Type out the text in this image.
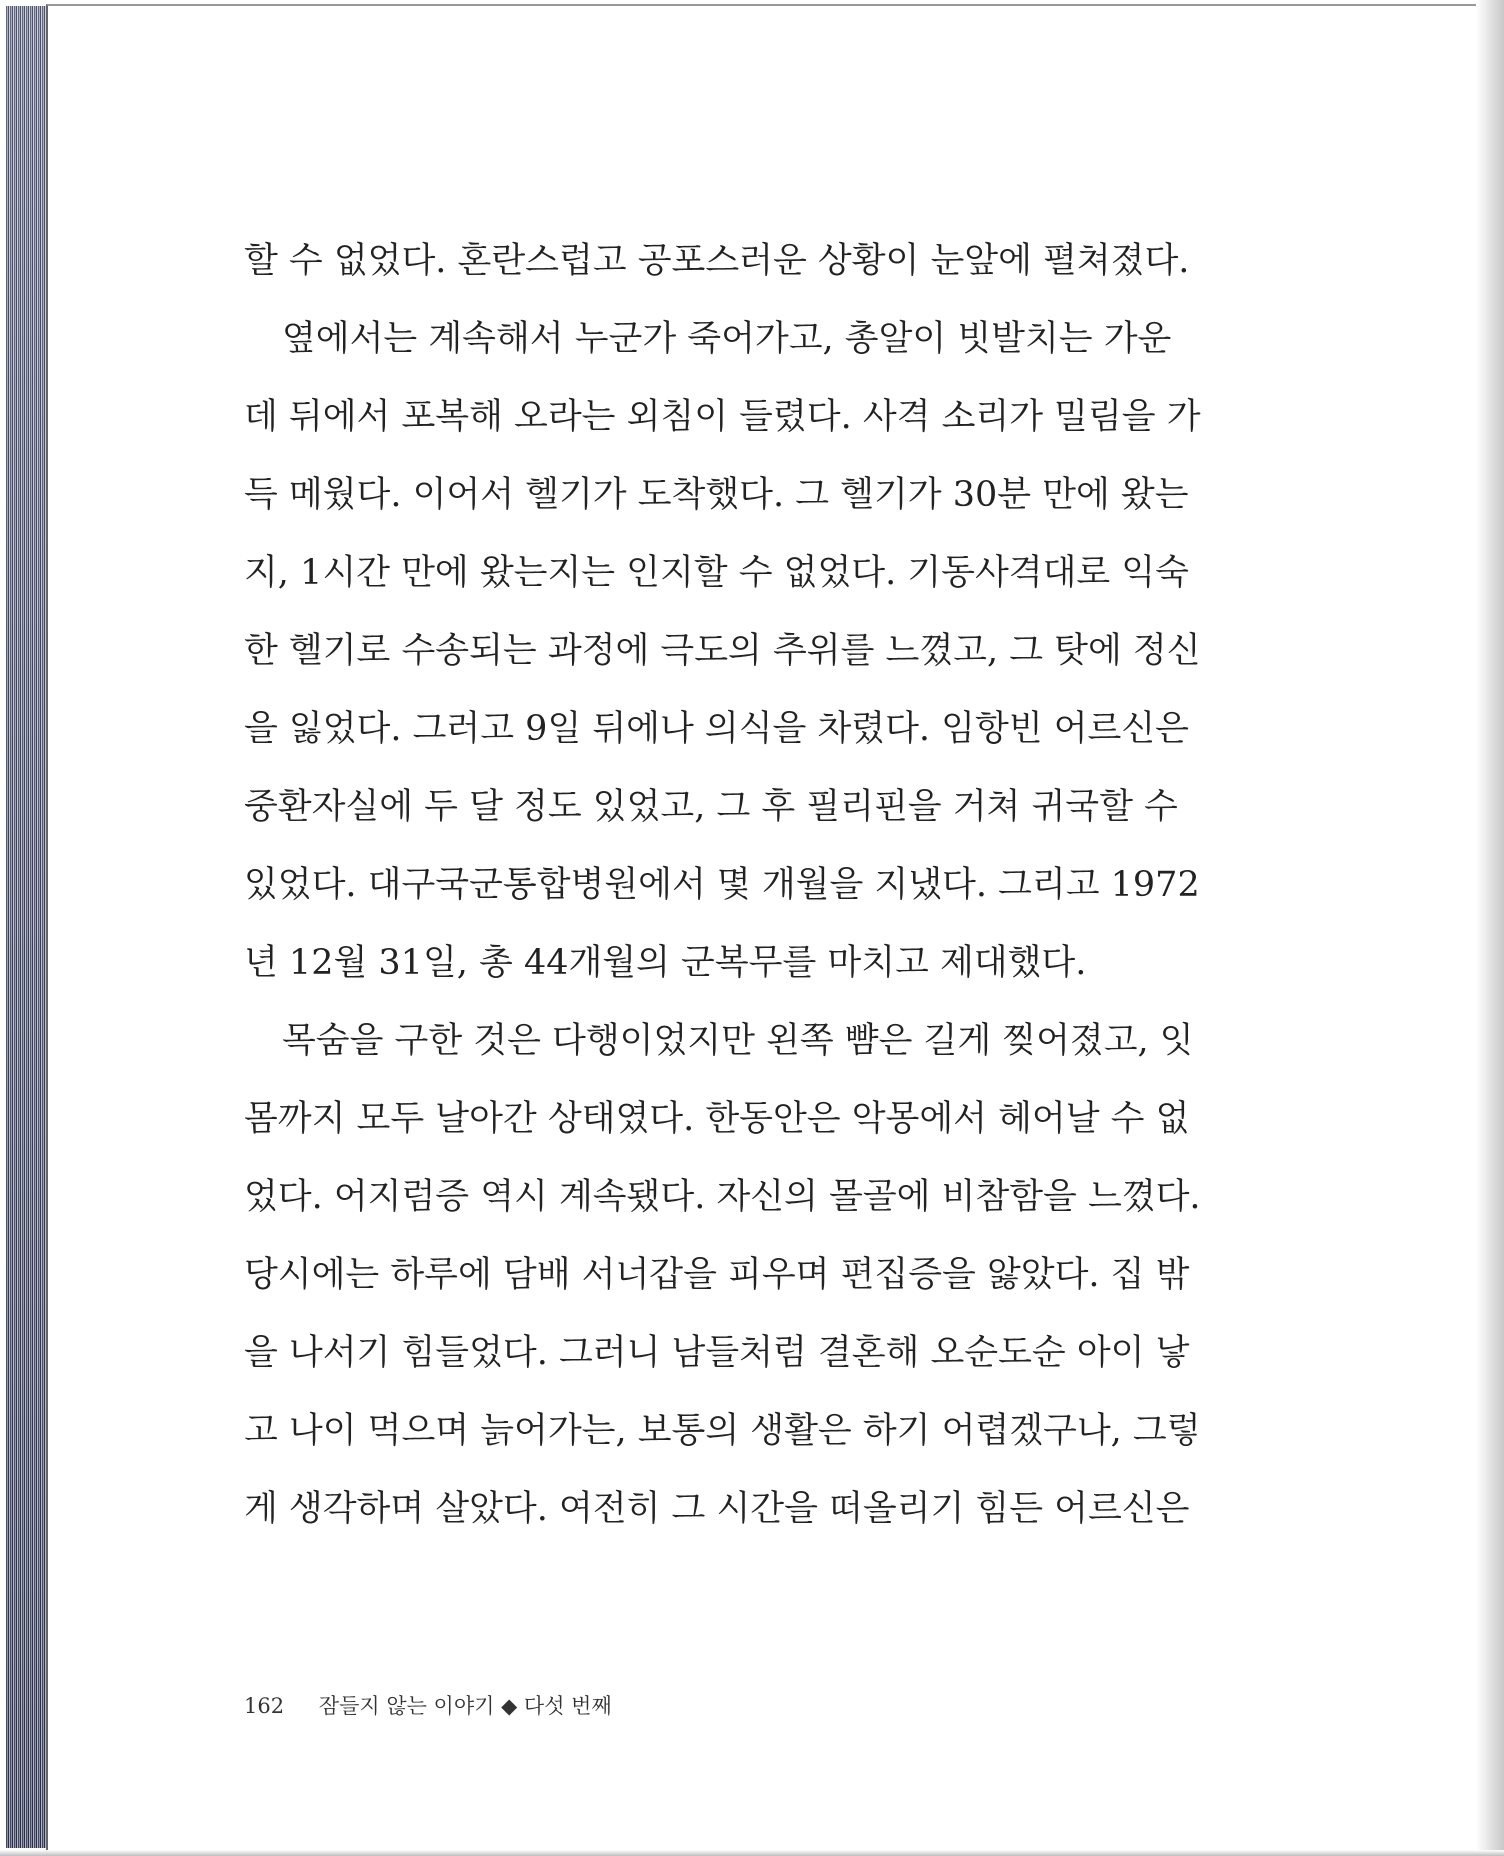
할 수 없었다. 혼란스럽고 공포스러운 상황이 눈앞에 펼쳐졌다.
옆에서는 계속해서 누군가 죽어가고, 총알이 빗발치는 가운
데 뒤에서 포복해 오라는 외침이 들렸다. 사격 소리가 밀림을 가
득 메웠다. 이어서 헬기가 도착했다. 그 헬기가 30분 만에 왔는
지, 1시간 만에 왔는지는 인지할 수 없었다. 기동사격대로 익숙
한 헬기로 수송되는 과정에 극도의 추위를 느꼈고, 그 탓에 정신
을 잃었다. 그러고 9일 뒤에나 의식을 차렸다. 임항빈 어르신은
중환자실에 두 달 정도 있었고, 그 후 필리핀을 거쳐 귀국할 수
있었다. 대구국군통합병원에서 몇 개월을 지냈다. 그리고 1972
년 12월 31일, 총 44개월의 군복무를 마치고 제대했다.
목숨을 구한 것은 다행이었지만 왼쪽 뺨은 길게 찢어졌고, 잇
몸까지 모두 날아간 상태였다. 한동안은 악몽에서 헤어날 수 없
었다. 어지럼증 역시 계속됐다. 자신의 몰골에 비참함을 느꼈다.
당시에는 하루에 담배 서너갑을 피우며 편집증을 앓았다. 집 밖
을 나서기 힘들었다. 그러니 남들처럼 결혼해 오순도순 아이 낳
고 나이 먹으며 늙어가는, 보통의 생활은 하기 어렵겠구나, 그렇
게 생각하며 살았다. 여전히 그 시간을 떠올리기 힘든 어르신은
162 잠들지 않는 이야기 ◆ 다섯 번째
